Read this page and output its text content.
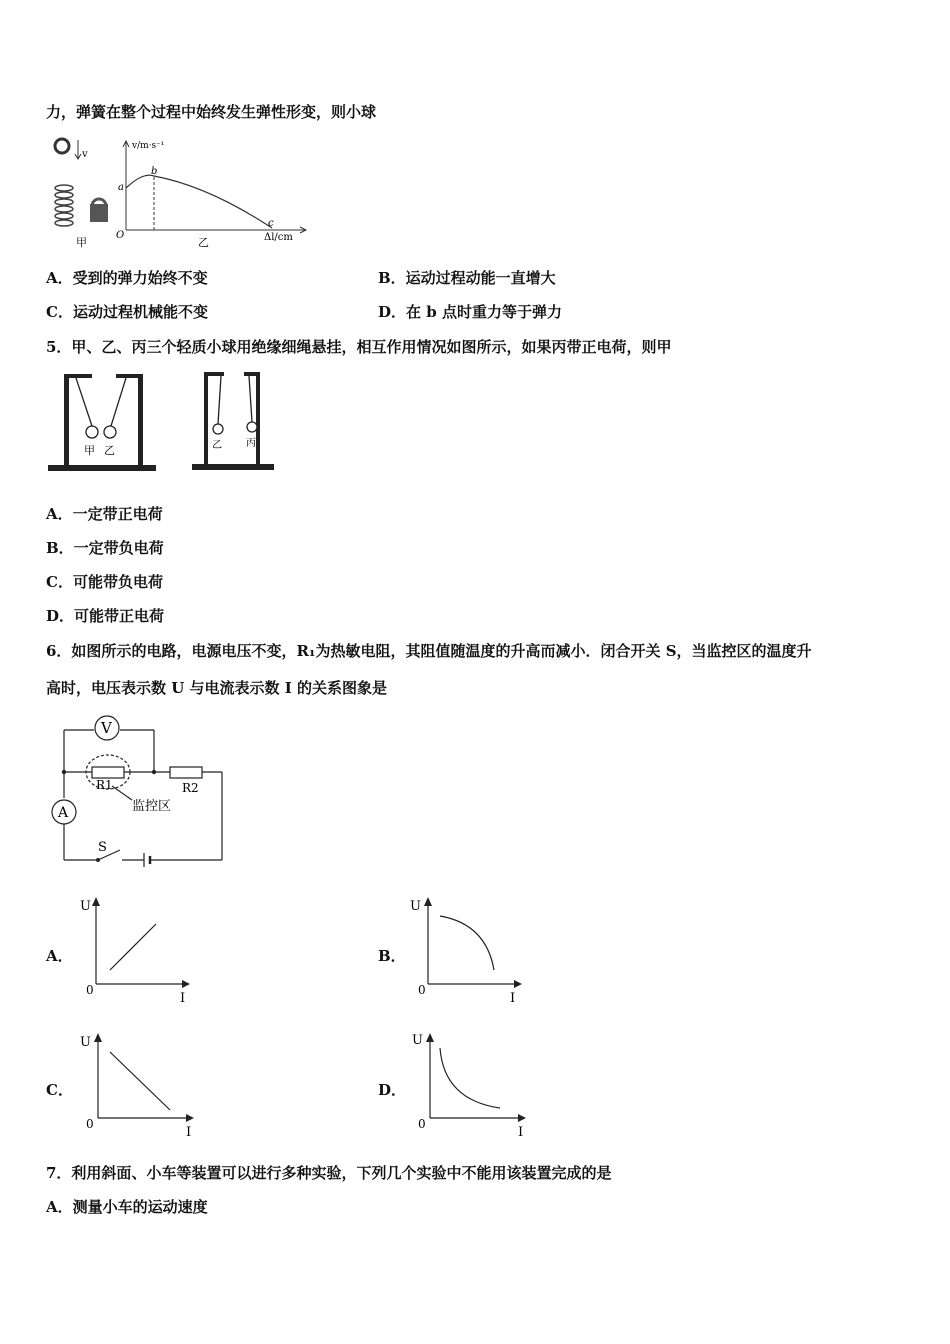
力，弹簧在整个过程中始终发生弹性形变，则小球
v
甲
v/m·s⁻¹
a
b
c
O	Δl/cm
乙
A．受到的弹力始终不变	B．运动过程动能一直增大
C．运动过程机械能不变	D．在 b 点时重力等于弹力
5．甲、乙、丙三个轻质小球用绝缘细绳悬挂，相互作用情况如图所示，如果丙带正电荷，则甲
甲 乙	乙 丙
A．一定带正电荷
B．一定带负电荷
C．可能带负电荷
D．可能带正电荷
6．如图所示的电路，电源电压不变，R₁为热敏电阻，其阻值随温度的升高而减小．闭合开关 S，当监控区的温度升
高时，电压表示数 U 与电流表示数 I 的关系图象是
V
A
R1	R2
监控区
S
A．
U
I
0
B．
U
I
0
C．
U
I
0
D．
U
I
0
7．利用斜面、小车等装置可以进行多种实验，下列几个实验中不能用该装置完成的是
A．测量小车的运动速度
